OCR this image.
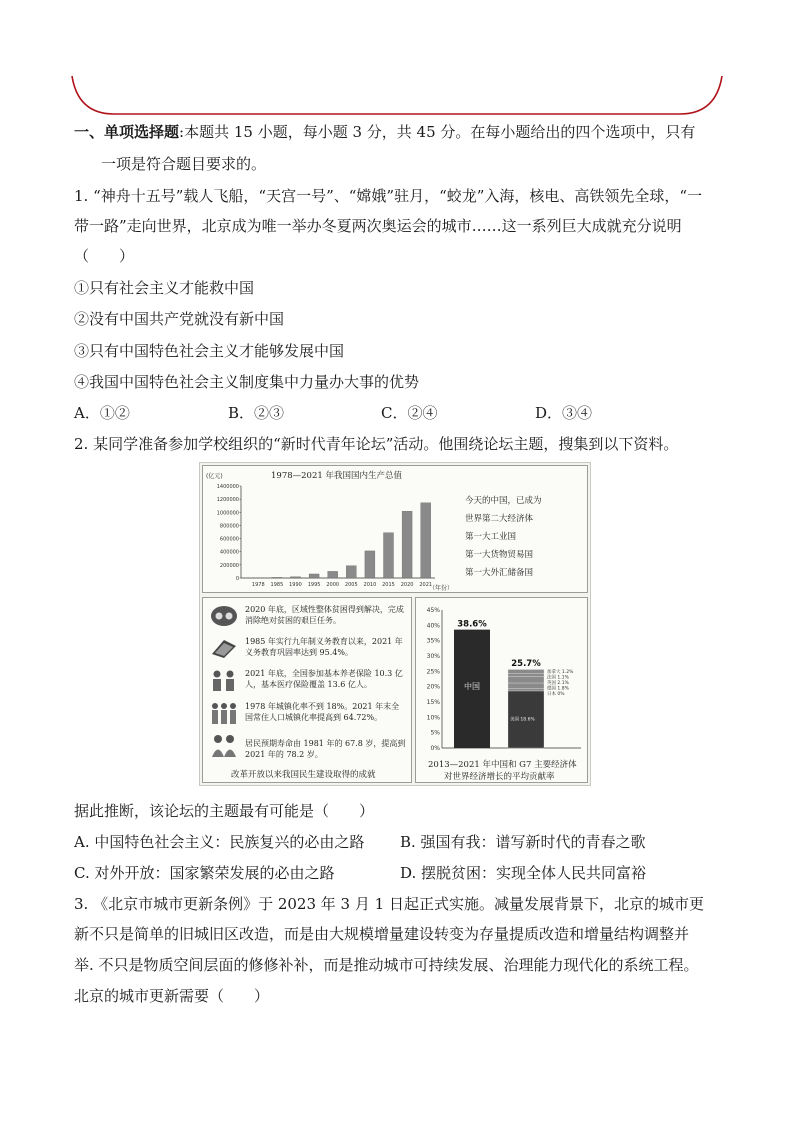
一、单项选择题:本题共 15 小题，每小题 3 分，共 45 分。在每小题给出的四个选项中，只有
一项是符合题目要求的。
1. “神舟十五号”载人飞船，“天宫一号”、“嫦娥”驻月，“蛟龙”入海，核电、高铁领先全球，“一
带一路”走向世界，北京成为唯一举办冬夏两次奥运会的城市……这一系列巨大成就充分说明
（　　）
①只有社会主义才能救中国
②没有中国共产党就没有新中国
③只有中国特色社会主义才能够发展中国
④我国中国特色社会主义制度集中力量办大事的优势
A．①②	B．②③	C．②④	D．③④
2. 某同学准备参加学校组织的“新时代青年论坛”活动。他围绕论坛主题，搜集到以下资料。
1978—2021 年我国国内生产总值
(亿元)
（年份）
1400000
1200000
1000000
800000
600000
400000
200000
0
1978 1985 1990 1995 2000 2005 2010 2015 2020 2021
今天的中国，已成为
世界第二大经济体
第一大工业国
第一大货物贸易国
第一大外汇储备国
2020 年底，区域性整体贫困得到解决，完成消除绝对贫困的艰巨任务。
1985 年实行九年制义务教育以来，2021 年义务教育巩固率达到 95.4%。
2021 年底，全国参加基本养老保险 10.3 亿人，基本医疗保险覆盖 13.6 亿人。
1978 年城镇化率不到 18%。2021 年末全国常住人口城镇化率提高到 64.72%。
居民预期寿命由 1981 年的 67.8 岁，提高到 2021 年的 78.2 岁。
改革开放以来我国民生建设取得的成就
45%
40%
35%
30%
25%
20%
15%
10%
5%
0%
38.6%
中国
25.7%
美国 18.6%
加拿大 1.2%
法国 1.1%
英国 2.1%
德国 1.8%
日本 0%
2013—2021 年中国和 G7 主要经济体
对世界经济增长的平均贡献率
据此推断，该论坛的主题最有可能是（　　）
A. 中国特色社会主义：民族复兴的必由之路 B. 强国有我：谱写新时代的青春之歌
C. 对外开放：国家繁荣发展的必由之路	D. 摆脱贫困：实现全体人民共同富裕
3. 《北京市城市更新条例》于 2023 年 3 月 1 日起正式实施。减量发展背景下，北京的城市更
新不只是简单的旧城旧区改造，而是由大规模增量建设转变为存量提质改造和增量结构调整并
举. 不只是物质空间层面的修修补补，而是推动城市可持续发展、治理能力现代化的系统工程。
北京的城市更新需要（　　）
